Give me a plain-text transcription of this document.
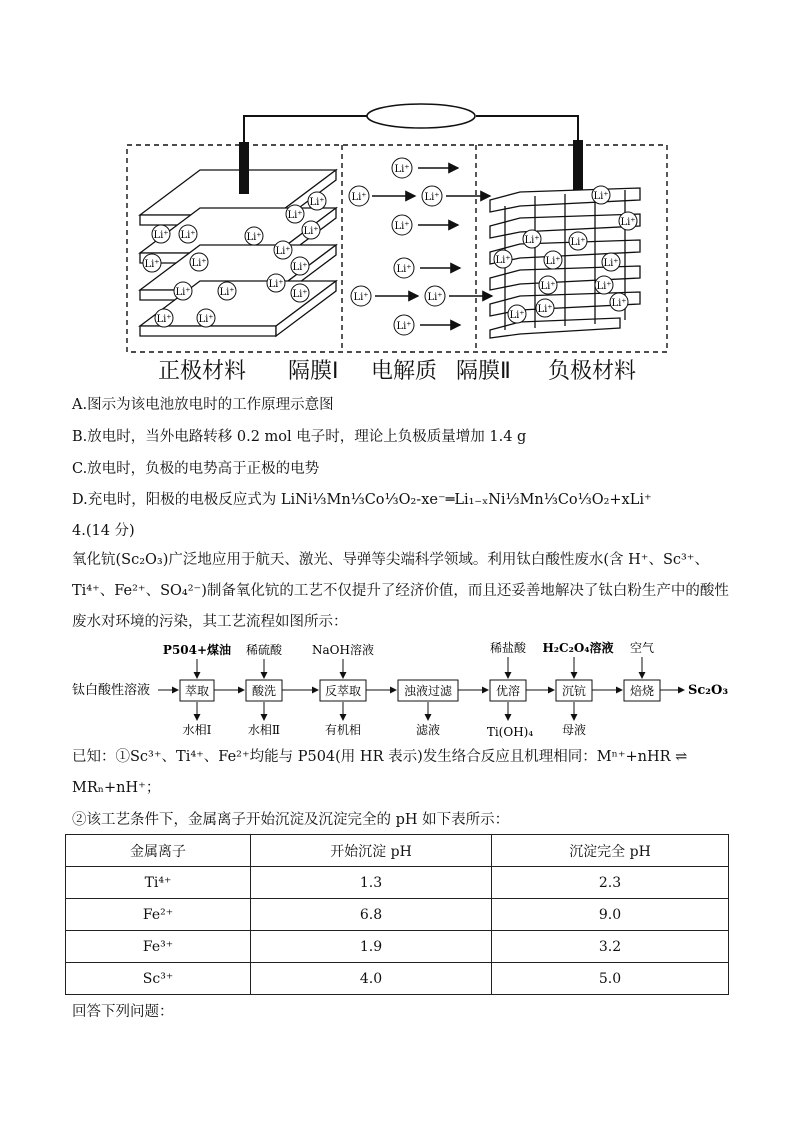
Li⁺ Li⁺	Li⁺
Li⁺
Li⁺
Li⁺
Li⁺
Li⁺	Li⁺	Li⁺
Li⁺
Li⁺	Li⁺	Li⁺
Li⁺	Li⁺
Li⁺
Li⁺	Li⁺
Li⁺
Li⁺
Li⁺	Li⁺
Li⁺
Li⁺
Li⁺
Li⁺	Li⁺
Li⁺	Li⁺	Li⁺
Li⁺	Li⁺
Li⁺
Li⁺
Li⁺
正极材料 隔膜Ⅰ 电解质 隔膜Ⅱ 负极材料
A.图示为该电池放电时的工作原理示意图
B.放电时，当外电路转移 0.2 mol 电子时，理论上负极质量增加 1.4 g
C.放电时，负极的电势高于正极的电势
D.充电时，阳极的电极反应式为 LiNi⅓Mn⅓Co⅓O₂-xe⁻═Li₁₋ₓNi⅓Mn⅓Co⅓O₂+xLi⁺
4.(14 分)
氧化钪(Sc₂O₃)广泛地应用于航天、激光、导弹等尖端科学领域。利用钛白酸性废水(含 H⁺、Sc³⁺、Ti⁴⁺、Fe²⁺、SO₄²⁻)制备氧化钪的工艺不仅提升了经济价值，而且还妥善地解决了钛白粉生产中的酸性废水对环境的污染，其工艺流程如图所示：
钛白酸性溶液	萃取	酸洗	反萃取	浊液过滤	优溶	沉钪	焙烧	Sc₂O₃
P504+煤油 稀硫酸	NaOH溶液	稀盐酸 H₂C₂O₄溶液 空气
水相Ⅰ	水相Ⅱ	有机相	滤液	Ti(OH)₄ 母液
已知：①Sc³⁺、Ti⁴⁺、Fe²⁺均能与 P504(用 HR 表示)发生络合反应且机理相同：Mⁿ⁺+nHR ⇌
MRₙ+nH⁺；
②该工艺条件下，金属离子开始沉淀及沉淀完全的 pH 如下表所示：
金属离子	开始沉淀 pH	沉淀完全 pH
Ti⁴⁺	1.3	2.3
Fe²⁺	6.8	9.0
Fe³⁺	1.9	3.2
Sc³⁺	4.0	5.0
回答下列问题：
